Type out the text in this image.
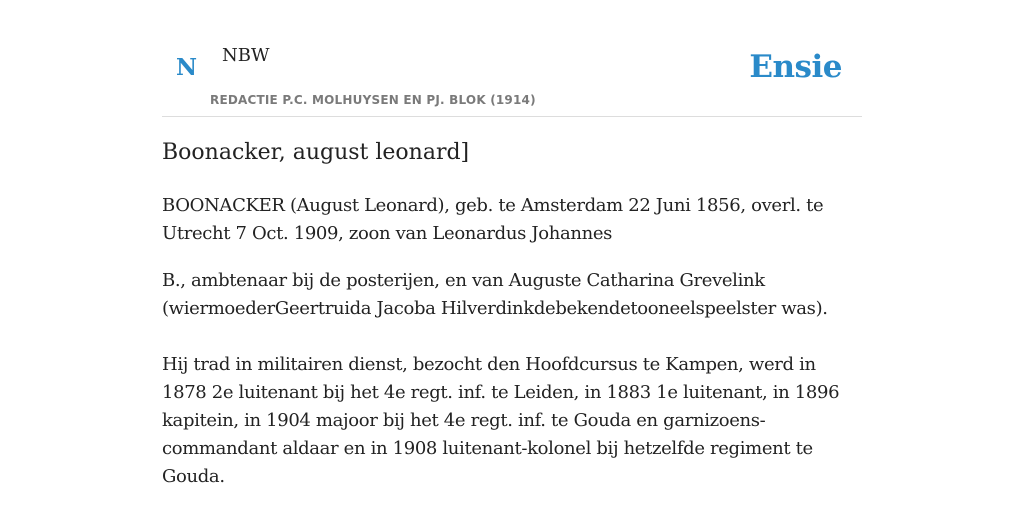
N NBW
REDACTIE P.C. MOLHUYSEN EN PJ. BLOK (1914)
Ensie
Boonacker, august leonard]

BOONACKER (August Leonard), geb. te Amsterdam 22 Juni 1856, overl. te Utrecht 7 Oct. 1909, zoon van Leonardus Johannes

B., ambtenaar bij de posterijen, en van Auguste Catharina Grevelink (wiermoederGeertruida Jacoba Hilverdinkdebekendetooneelspeelster was).

Hij trad in militairen dienst, bezocht den Hoofdcursus te Kampen, werd in 1878 2e luitenant bij het 4e regt. inf. te Leiden, in 1883 1e luitenant, in 1896 kapitein, in 1904 majoor bij het 4e regt. inf. te Gouda en garnizoens-commandant aldaar en in 1908 luitenant-kolonel bij hetzelfde regiment te Gouda.
